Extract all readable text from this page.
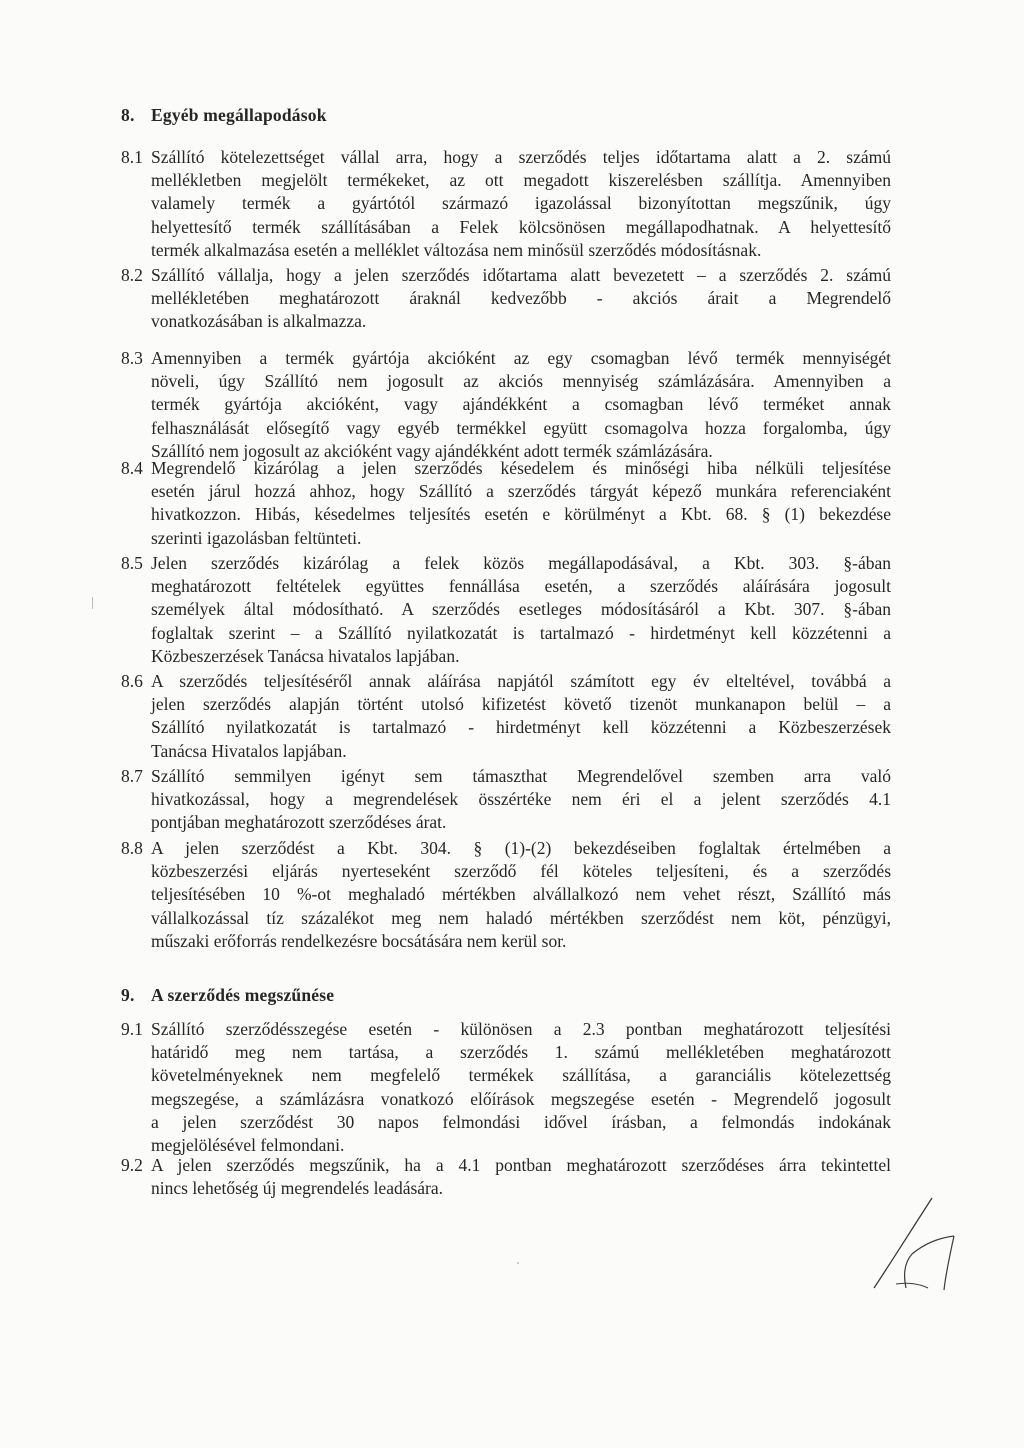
8. Egyéb megállapodások
8.1 Szállító kötelezettséget vállal arra, hogy a szerződés teljes időtartama alatt a 2. számú
mellékletben megjelölt termékeket, az ott megadott kiszerelésben szállítja. Amennyiben
valamely termék a gyártótól származó igazolással bizonyítottan megszűnik, úgy
helyettesítő termék szállításában a Felek kölcsönösen megállapodhatnak. A helyettesítő
termék alkalmazása esetén a melléklet változása nem minősül szerződés módosításnak.
8.2 Szállító vállalja, hogy a jelen szerződés időtartama alatt bevezetett – a szerződés 2. számú
mellékletében meghatározott áraknál kedvezőbb - akciós árait a Megrendelő
vonatkozásában is alkalmazza.
8.3 Amennyiben a termék gyártója akcióként az egy csomagban lévő termék mennyiségét
növeli, úgy Szállító nem jogosult az akciós mennyiség számlázására. Amennyiben a
termék gyártója akcióként, vagy ajándékként a csomagban lévő terméket annak
felhasználását elősegítő vagy egyéb termékkel együtt csomagolva hozza forgalomba, úgy
Szállító nem jogosult az akcióként vagy ajándékként adott termék számlázására.
8.4 Megrendelő kizárólag a jelen szerződés késedelem és minőségi hiba nélküli teljesítése
esetén járul hozzá ahhoz, hogy Szállító a szerződés tárgyát képező munkára referenciaként
hivatkozzon. Hibás, késedelmes teljesítés esetén e körülményt a Kbt. 68. § (1) bekezdése
szerinti igazolásban feltünteti.
8.5 Jelen szerződés kizárólag a felek közös megállapodásával, a Kbt. 303. §-ában
meghatározott feltételek együttes fennállása esetén, a szerződés aláírására jogosult
személyek által módosítható. A szerződés esetleges módosításáról a Kbt. 307. §-ában
foglaltak szerint – a Szállító nyilatkozatát is tartalmazó - hirdetményt kell közzétenni a
Közbeszerzések Tanácsa hivatalos lapjában.
8.6 A szerződés teljesítéséről annak aláírása napjától számított egy év elteltével, továbbá a
jelen szerződés alapján történt utolsó kifizetést követő tizenöt munkanapon belül – a
Szállító nyilatkozatát is tartalmazó - hirdetményt kell közzétenni a Közbeszerzések
Tanácsa Hivatalos lapjában.
8.7 Szállító semmilyen igényt sem támaszthat Megrendelővel szemben arra való
hivatkozással, hogy a megrendelések összértéke nem éri el a jelent szerződés 4.1
pontjában meghatározott szerződéses árat.
8.8 A jelen szerződést a Kbt. 304. § (1)-(2) bekezdéseiben foglaltak értelmében a
közbeszerzési eljárás nyerteseként szerződő fél köteles teljesíteni, és a szerződés
teljesítésében 10 %-ot meghaladó mértékben alvállalkozó nem vehet részt, Szállító más
vállalkozással tíz százalékot meg nem haladó mértékben szerződést nem köt, pénzügyi,
műszaki erőforrás rendelkezésre bocsátására nem kerül sor.
9. A szerződés megszűnése
9.1 Szállító szerződésszegése esetén - különösen a 2.3 pontban meghatározott teljesítési
határidő meg nem tartása, a szerződés 1. számú mellékletében meghatározott
követelményeknek nem megfelelő termékek szállítása, a garanciális kötelezettség
megszegése, a számlázásra vonatkozó előírások megszegése esetén - Megrendelő jogosult
a jelen szerződést 30 napos felmondási idővel írásban, a felmondás indokának
megjelölésével felmondani.
9.2 A jelen szerződés megszűnik, ha a 4.1 pontban meghatározott szerződéses árra tekintettel
nincs lehetőség új megrendelés leadására.
